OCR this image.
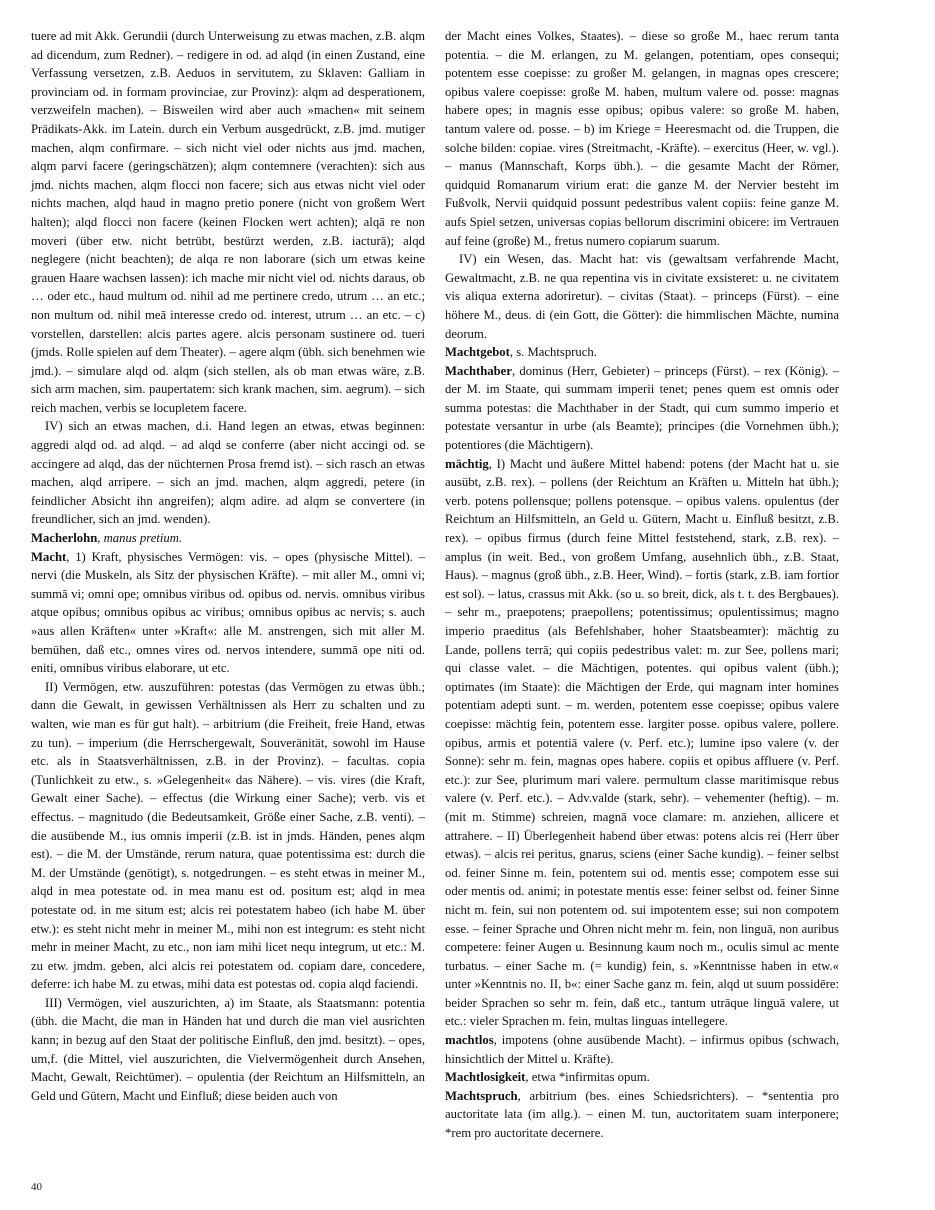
tuere ad mit Akk. Gerundii (durch Unterweisung zu etwas machen, z.B. alqm ad dicendum, zum Redner). – redigere in od. ad alqd (in einen Zustand, eine Verfassung versetzen, z.B. Aeduos in servitutem, zu Sklaven: Galliam in provinciam od. in formam provinciae, zur Provinz): alqm ad desperationem, verzweifeln machen). – Bisweilen wird aber auch »machen« mit seinem Prädikats-Akk. im Latein. durch ein Verbum ausgedrückt, z.B. jmd. mutiger machen, alqm confirmare. – sich nicht viel oder nichts aus jmd. machen, alqm parvi facere (geringschätzen); alqm contemnere (verachten): sich aus jmd. nichts machen, alqm flocci non facere; sich aus etwas nicht viel oder nichts machen, alqd haud in magno pretio ponere (nicht von großem Wert halten); alqd flocci non facere (keinen Flocken wert achten); alqā re non moveri (über etw. nicht betrübt, bestürzt werden, z.B. iacturā); alqd neglegere (nicht beachten); de alqa re non laborare (sich um etwas keine grauen Haare wachsen lassen): ich mache mir nicht viel od. nichts daraus, ob … oder etc., haud multum od. nihil ad me pertinere credo, utrum … an etc.; non multum od. nihil meā interesse credo od. interest, utrum … an etc. – c) vorstellen, darstellen: alcis partes agere. alcis personam sustinere od. tueri (jmds. Rolle spielen auf dem Theater). – agere alqm (übh. sich benehmen wie jmd.). – simulare alqd od. alqm (sich stellen, als ob man etwas wäre, z.B. sich arm machen, sim. paupertatem: sich krank machen, sim. aegrum). – sich reich machen, verbis se locupletem facere.

IV) sich an etwas machen, d.i. Hand legen an etwas, etwas beginnen: aggredi alqd od. ad alqd. – ad alqd se conferre (aber nicht accingi od. se accingere ad alqd, das der nüchternen Prosa fremd ist). – sich rasch an etwas machen, alqd arripere. – sich an jmd. machen, alqm aggredi, petere (in feindlicher Absicht ihn angreifen); alqm adire. ad alqm se convertere (in freundlicher, sich an jmd. wenden).

Macherlohn, manus pretium.

Macht, 1) Kraft, physisches Vermögen: vis. – opes (physische Mittel). – nervi (die Muskeln, als Sitz der physischen Kräfte). – mit aller M., omni vi; summā vi; omni ope; omnibus viribus od. opibus od. nervis. omnibus viribus atque opibus; omnibus opibus ac viribus; omnibus opibus ac nervis; s. auch »aus allen Kräften« unter »Kraft«: alle M. anstrengen, sich mit aller M. bemühen, daß etc., omnes vires od. nervos intendere, summā ope niti od. eniti, omnibus viribus elaborare, ut etc.

II) Vermögen, etw. auszuführen: potestas (das Vermögen zu etwas übh.; dann die Gewalt, in gewissen Verhältnissen als Herr zu schalten und zu walten, wie man es für gut halt). – arbitrium (die Freiheit, freie Hand, etwas zu tun). – imperium (die Herrschergewalt, Souveränität, sowohl im Hause etc. als in Staatsverhältnissen, z.B. in der Provinz). – facultas. copia (Tunlichkeit zu etw., s. »Gelegenheit« das Nähere). – vis. vires (die Kraft, Gewalt einer Sache). – effectus (die Wirkung einer Sache); verb. vis et effectus. – magnitudo (die Bedeutsamkeit, Größe einer Sache, z.B. venti). – die ausübende M., ius omnis imperii (z.B. ist in jmds. Händen, penes alqm est). – die M. der Umstände, rerum natura, quae potentissima est: durch die M. der Umstände (genötigt), s. notgedrungen. – es steht etwas in meiner M., alqd in mea potestate od. in mea manu est od. positum est; alqd in mea potestate od. in me situm est; alcis rei potestatem habeo (ich habe M. über etw.): es steht nicht mehr in meiner M., mihi non est integrum: es steht nicht mehr in meiner Macht, zu etc., non iam mihi licet nequ integrum, ut etc.: M. zu etw. jmdm. geben, alci alcis rei potestatem od. copiam dare, concedere, deferre: ich habe M. zu etwas, mihi data est potestas od. copia alqd faciendi.

III) Vermögen, viel auszurichten, a) im Staate, als Staatsmann: potentia (übh. die Macht, die man in Händen hat und durch die man viel ausrichten kann; in bezug auf den Staat der politische Einfluß, den jmd. besitzt). – opes, um,f. (die Mittel, viel auszurichten, die Vielvermögenheit durch Ansehen, Macht, Gewalt, Reichtümer). – opulentia (der Reichtum an Hilfsmitteln, an Geld und Gütern, Macht und Einfluß; diese beiden auch von

der Macht eines Volkes, Staates). – diese so große M., haec rerum tanta potentia. – die M. erlangen, zu M. gelangen, potentiam, opes consequi; potentem esse coepisse: zu großer M. gelangen, in magnas opes crescere; opibus valere coepisse: große M. haben, multum valere od. posse: magnas habere opes; in magnis esse opibus; opibus valere: so große M. haben, tantum valere od. posse. – b) im Kriege = Heeresmacht od. die Truppen, die solche bilden: copiae. vires (Streitmacht, -Kräfte). – exercitus (Heer, w. vgl.). – manus (Mannschaft, Korps übh.). – die gesamte Macht der Römer, quidquid Romanarum virium erat: die ganze M. der Nervier besteht im Fußvolk, Nervii quidquid possunt pedestribus valent copiis: feine ganze M. aufs Spiel setzen, universas copias bellorum discrimini obicere: im Vertrauen auf feine (große) M., fretus numero copiarum suarum.

IV) ein Wesen, das. Macht hat: vis (gewaltsam verfahrende Macht, Gewaltmacht, z.B. ne qua repentina vis in civitate exsisteret: u. ne civitatem vis aliqua externa adoriretur). – civitas (Staat). – princeps (Fürst). – eine höhere M., deus. di (ein Gott, die Götter): die himmlischen Mächte, numina deorum.

Machtgebot, s. Machtspruch.

Machthaber, dominus (Herr, Gebieter) – princeps (Fürst). – rex (König). – der M. im Staate, qui summam imperii tenet; penes quem est omnis oder summa potestas: die Machthaber in der Stadt, qui cum summo imperio et potestate versantur in urbe (als Beamte); principes (die Vornehmen übh.); potentiores (die Mächtigern).

mächtig, I) Macht und äußere Mittel habend: potens (der Macht hat u. sie ausübt, z.B. rex). – pollens (der Reichtum an Kräften u. Mitteln hat übh.); verb. potens pollensque; pollens potensque. – opibus valens. opulentus (der Reichtum an Hilfsmitteln, an Geld u. Gütern, Macht u. Einfluß besitzt, z.B. rex). – opibus firmus (durch feine Mittel feststehend, stark, z.B. rex). – amplus (in weit. Bed., von großem Umfang, ausehnlich übh., z.B. Staat, Haus). – magnus (groß übh., z.B. Heer, Wind). – fortis (stark, z.B. iam fortior est sol). – latus, crassus mit Akk. (so u. so breit, dick, als t. t. des Bergbaues). – sehr m., praepotens; praepollens; potentissimus; opulentissimus; magno imperio praeditus (als Befehlshaber, hoher Staatsbeamter): mächtig zu Lande, pollens terrā; qui copiis pedestribus valet: m. zur See, pollens mari; qui classe valet. – die Mächtigen, potentes. qui opibus valent (übh.); optimates (im Staate): die Mächtigen der Erde, qui magnam inter homines potentiam adepti sunt. – m. werden, potentem esse coepisse; opibus valere coepisse: mächtig fein, potentem esse. largiter posse. opibus valere, pollere. opibus, armis et potentiā valere (v. Perf. etc.); lumine ipso valere (v. der Sonne): sehr m. fein, magnas opes habere. copiis et opibus affluere (v. Perf. etc.): zur See, plurimum mari valere. permultum classe maritimisque rebus valere (v. Perf. etc.). – Adv.valde (stark, sehr). – vehementer (heftig). – m. (mit m. Stimme) schreien, magnā voce clamare: m. anziehen, allicere et attrahere. – II) Überlegenheit habend über etwas: potens alcis rei (Herr über etwas). – alcis rei peritus, gnarus, sciens (einer Sache kundig). – feiner selbst od. feiner Sinne m. fein, potentem sui od. mentis esse; compotem esse sui oder mentis od. animi; in potestate mentis esse: feiner selbst od. feiner Sinne nicht m. fein, sui non potentem od. sui impotentem esse; sui non compotem esse. – feiner Sprache und Ohren nicht mehr m. fein, non linguā, non auribus competere: feiner Augen u. Besinnung kaum noch m., oculis simul ac mente turbatus. – einer Sache m. (= kundig) fein, s. »Kenntnisse haben in etw.« unter »Kenntnis no. II, b«: einer Sache ganz m. fein, alqd ut suum possidēre: beider Sprachen so sehr m. fein, daß etc., tantum utrāque linguā valere, ut etc.: vieler Sprachen m. fein, multas linguas intellegere.

machtlos, impotens (ohne ausübende Macht). – infirmus opibus (schwach, hinsichtlich der Mittel u. Kräfte).

Machtlosigkeit, etwa *infirmitas opum.

Machtspruch, arbitrium (bes. eines Schiedsrichters). – *sententia pro auctoritate lata (im allg.). – einen M. tun, auctoritatem suam interponere; *rem pro auctoritate decernere.

40
